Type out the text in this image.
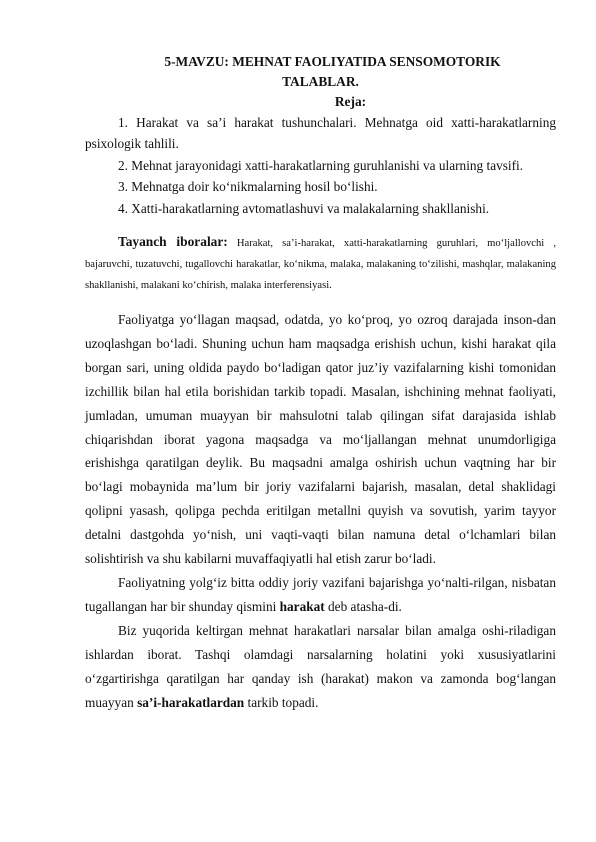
5-MAVZU: MEHNAT FAOLIYATIDA SENSOMOTORIK
TALABLAR.

Reja:

1. Harakat va sa’i harakat tushunchalari. Mehnatga oid xatti-harakatlarning psixologik tahlili.

2. Mehnat jarayonidagi xatti-harakatlarning guruhlanishi va ularning tavsifi.

3. Mehnatga doir ko‘nikmalarning hosil bo‘lishi.

4. Xatti-harakatlarning avtomatlashuvi va malakalarning shakllanishi.

Tayanch iboralar: Harakat, sa’i-harakat, xatti-harakatlarning guruhlari, mo‘ljallovchi , bajaruvchi, tuzatuvchi, tugallovchi harakatlar, ko‘nikma, malaka, malakaning to‘zilishi, mashqlar, malakaning shakllanishi, malakani ko‘chirish, malaka interferensiyasi.

Faoliyatga yo‘llagan maqsad, odatda, yo ko‘proq, yo ozroq darajada inson-dan uzoqlashgan bo‘ladi. Shuning uchun ham maqsadga erishish uchun, kishi harakat qila borgan sari, uning oldida paydo bo‘ladigan qator juz’iy vazifalarning kishi tomonidan izchillik bilan hal etila borishidan tarkib topadi. Masalan, ishchining mehnat faoliyati, jumladan, umuman muayyan bir mahsulotni talab qilingan sifat darajasida ishlab chiqarishdan iborat yagona maqsadga va mo‘ljallangan mehnat unumdorligiga erishishga qaratilgan deylik. Bu maqsadni amalga oshirish uchun vaqtning har bir bo‘lagi mobaynida ma’lum bir joriy vazifalarni bajarish, masalan, detal shaklidagi qolipni yasash, qolipga pechda eritilgan metallni quyish va sovutish, yarim tayyor detalni dastgohda yo‘nish, uni vaqti-vaqti bilan namuna detal o‘lchamlari bilan solishtirish va shu kabilarni muvaffaqiyatli hal etish zarur bo‘ladi.

Faoliyatning yolg‘iz bitta oddiy joriy vazifani bajarishga yo‘nalti-rilgan, nisbatan tugallangan har bir shunday qismini harakat deb atasha-di.

Biz yuqorida keltirgan mehnat harakatlari narsalar bilan amalga oshi-riladigan ishlardan iborat. Tashqi olamdagi narsalarning holatini yoki xususiyatlarini o‘zgartirishga qaratilgan har qanday ish (harakat) makon va zamonda bog‘langan muayyan sa’i-harakatlardan tarkib topadi.
